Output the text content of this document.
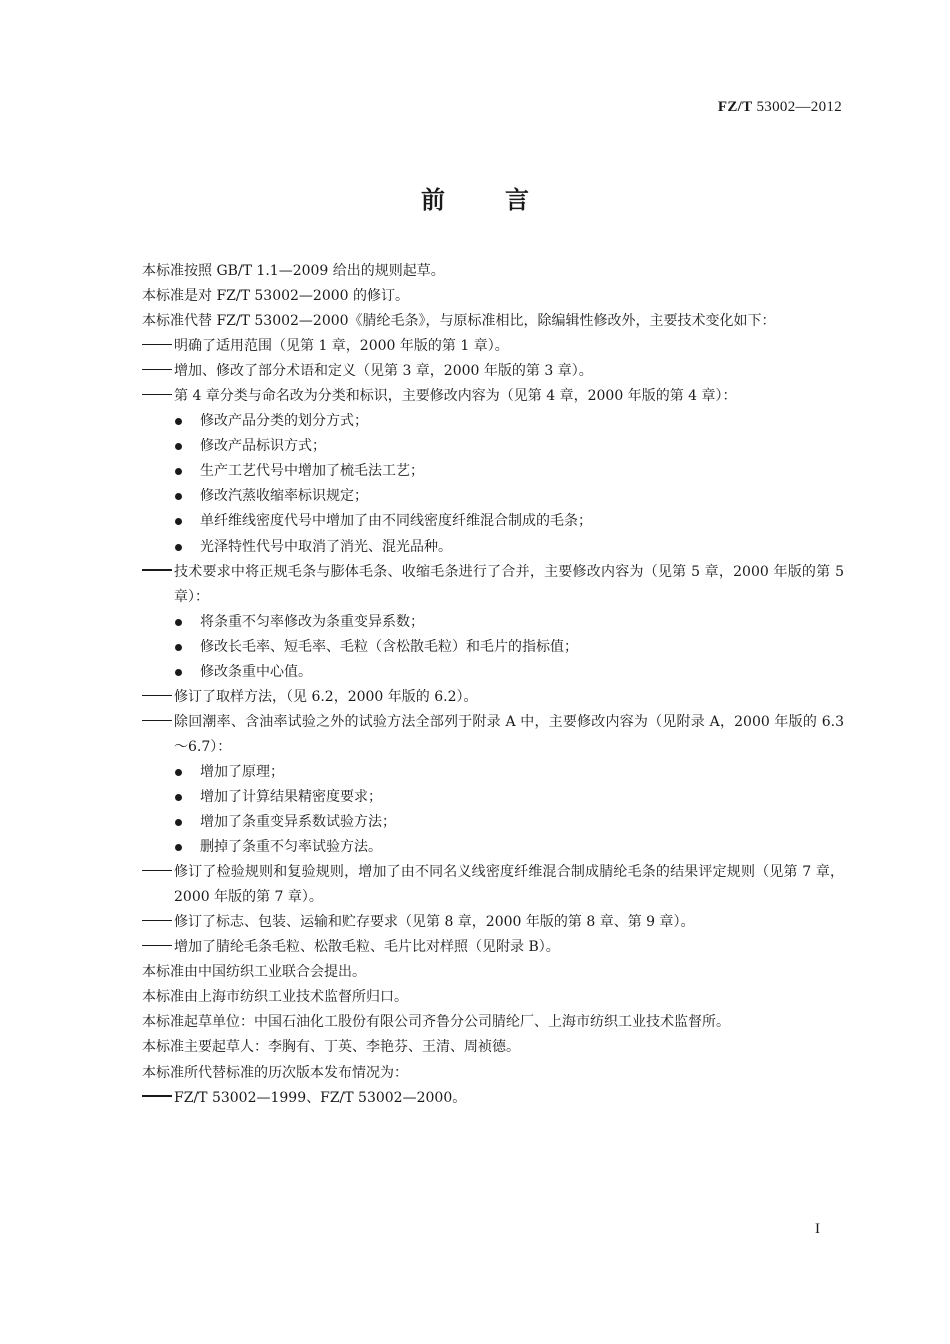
FZ/T 53002—2012
前	言
本标准按照 GB/T 1.1—2009 给出的规则起草。
本标准是对 FZ/T 53002—2000 的修订。
本标准代替 FZ/T 53002—2000《腈纶毛条》，与原标准相比，除编辑性修改外，主要技术变化如下：
明确了适用范围（见第 1 章，2000 年版的第 1 章）。
增加、修改了部分术语和定义（见第 3 章，2000 年版的第 3 章）。
第 4 章分类与命名改为分类和标识，主要修改内容为（见第 4 章，2000 年版的第 4 章）：
修改产品分类的划分方式；
修改产品标识方式；
生产工艺代号中增加了梳毛法工艺；
修改汽蒸收缩率标识规定；
单纤维线密度代号中增加了由不同线密度纤维混合制成的毛条；
光泽特性代号中取消了消光、混光品种。
技术要求中将正规毛条与膨体毛条、收缩毛条进行了合并，主要修改内容为（见第 5 章，2000 年版的第 5 章）：
将条重不匀率修改为条重变异系数；
修改长毛率、短毛率、毛粒（含松散毛粒）和毛片的指标值；
修改条重中心值。
修订了取样方法，（见 6.2，2000 年版的 6.2）。
除回潮率、含油率试验之外的试验方法全部列于附录 A 中，主要修改内容为（见附录 A，2000 年版的 6.3～6.7）：
增加了原理；
增加了计算结果精密度要求；
增加了条重变异系数试验方法；
删掉了条重不匀率试验方法。
修订了检验规则和复验规则，增加了由不同名义线密度纤维混合制成腈纶毛条的结果评定规则（见第 7 章，2000 年版的第 7 章）。
修订了标志、包装、运输和贮存要求（见第 8 章，2000 年版的第 8 章、第 9 章）。
增加了腈纶毛条毛粒、松散毛粒、毛片比对样照（见附录 B）。
本标准由中国纺织工业联合会提出。
本标准由上海市纺织工业技术监督所归口。
本标准起草单位：中国石油化工股份有限公司齐鲁分公司腈纶厂、上海市纺织工业技术监督所。
本标准主要起草人：李胸有、丁英、李艳芬、王清、周祯德。
本标准所代替标准的历次版本发布情况为：
FZ/T 53002—1999、FZ/T 53002—2000。
I
